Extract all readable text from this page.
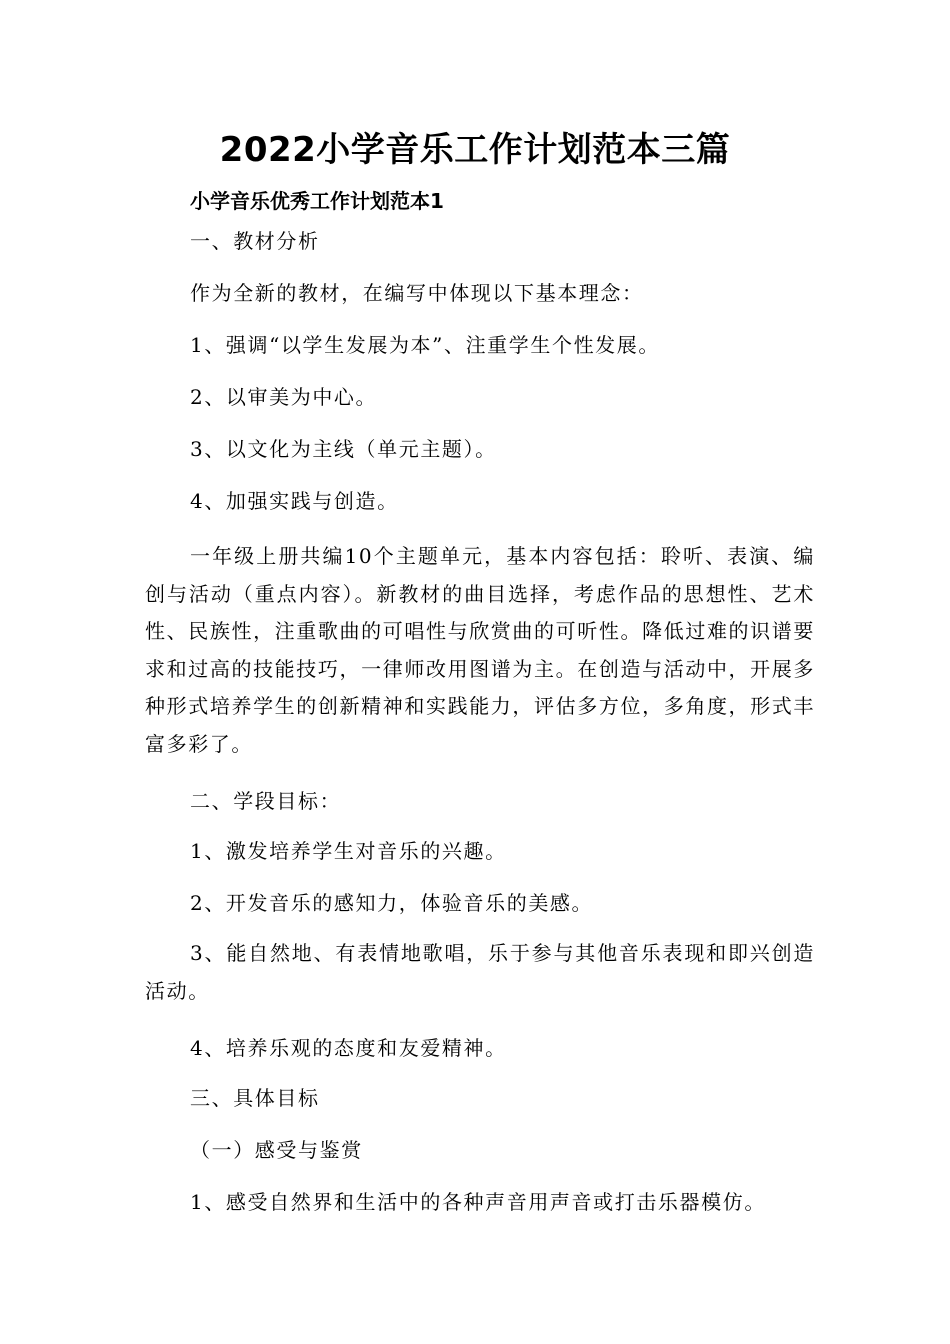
2022小学音乐工作计划范本三篇
小学音乐优秀工作计划范本1
一、教材分析
作为全新的教材，在编写中体现以下基本理念：
1、强调“以学生发展为本”、注重学生个性发展。
2、以审美为中心。
3、以文化为主线（单元主题）。
4、加强实践与创造。
一年级上册共编10个主题单元，基本内容包括：聆听、表演、编创与活动（重点内容）。新教材的曲目选择，考虑作品的思想性、艺术性、民族性，注重歌曲的可唱性与欣赏曲的可听性。降低过难的识谱要求和过高的技能技巧，一律师改用图谱为主。在创造与活动中，开展多种形式培养学生的创新精神和实践能力，评估多方位，多角度，形式丰富多彩了。
二、学段目标：
1、激发培养学生对音乐的兴趣。
2、开发音乐的感知力，体验音乐的美感。
3、能自然地、有表情地歌唱，乐于参与其他音乐表现和即兴创造活动。
4、培养乐观的态度和友爱精神。
三、具体目标
（一）感受与鉴赏
1、感受自然界和生活中的各种声音用声音或打击乐器模仿。
